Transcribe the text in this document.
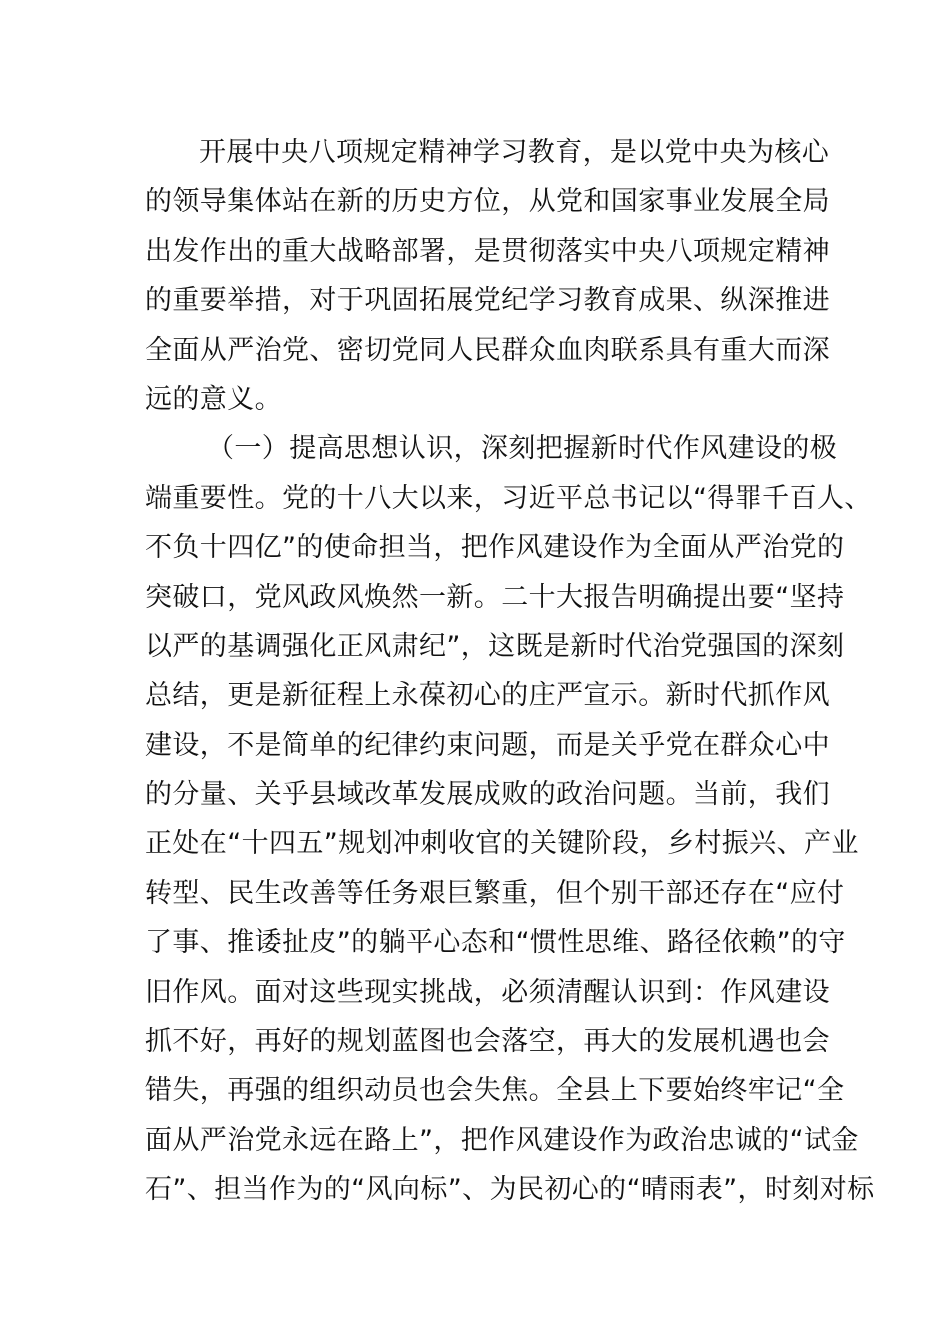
开展中央八项规定精神学习教育，是以党中央为核心
的领导集体站在新的历史方位，从党和国家事业发展全局
出发作出的重大战略部署，是贯彻落实中央八项规定精神
的重要举措，对于巩固拓展党纪学习教育成果、纵深推进
全面从严治党、密切党同人民群众血肉联系具有重大而深
远的意义。
（一）提高思想认识，深刻把握新时代作风建设的极
端重要性。党的十八大以来，习近平总书记以“得罪千百人、
不负十四亿”的使命担当，把作风建设作为全面从严治党的
突破口，党风政风焕然一新。二十大报告明确提出要“坚持
以严的基调强化正风肃纪”，这既是新时代治党强国的深刻
总结，更是新征程上永葆初心的庄严宣示。新时代抓作风
建设，不是简单的纪律约束问题，而是关乎党在群众心中
的分量、关乎县域改革发展成败的政治问题。当前，我们
正处在“十四五”规划冲刺收官的关键阶段，乡村振兴、产业
转型、民生改善等任务艰巨繁重，但个别干部还存在“应付
了事、推诿扯皮”的躺平心态和“惯性思维、路径依赖”的守
旧作风。面对这些现实挑战，必须清醒认识到：作风建设
抓不好，再好的规划蓝图也会落空，再大的发展机遇也会
错失，再强的组织动员也会失焦。全县上下要始终牢记“全
面从严治党永远在路上”，把作风建设作为政治忠诚的“试金
石”、担当作为的“风向标”、为民初心的“晴雨表”，时刻对标
